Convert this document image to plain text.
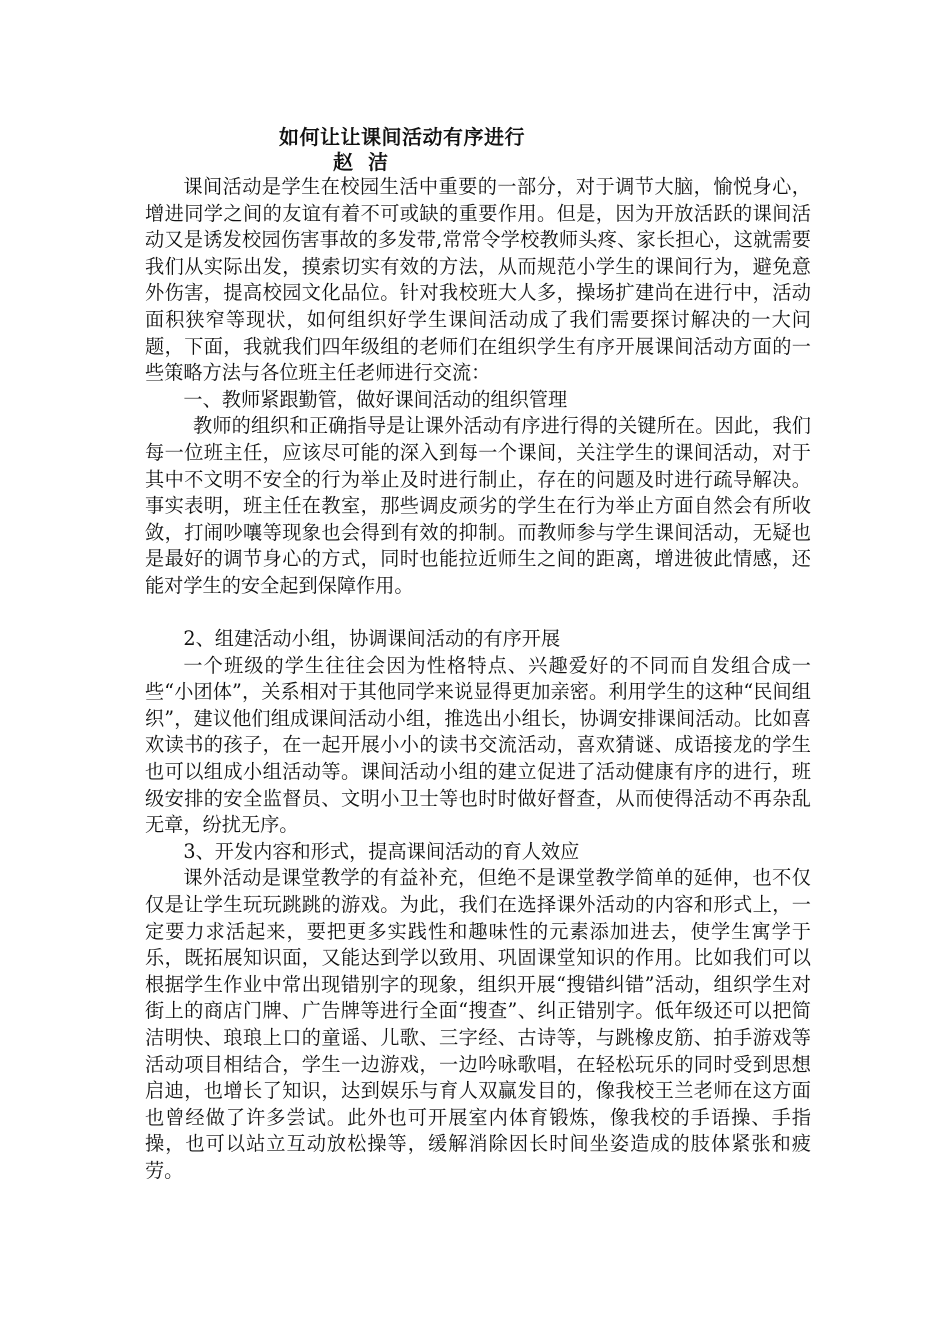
如何让让课间活动有序进行
赵 洁

课间活动是学生在校园生活中重要的一部分，对于调节大脑，愉悦身心，增进同学之间的友谊有着不可或缺的重要作用。但是，因为开放活跃的课间活动又是诱发校园伤害事故的多发带,常常令学校教师头疼、家长担心，这就需要我们从实际出发，摸索切实有效的方法，从而规范小学生的课间行为，避免意外伤害，提高校园文化品位。针对我校班大人多，操场扩建尚在进行中，活动面积狭窄等现状，如何组织好学生课间活动成了我们需要探讨解决的一大问题，下面，我就我们四年级组的老师们在组织学生有序开展课间活动方面的一些策略方法与各位班主任老师进行交流：

一、教师紧跟勤管，做好课间活动的组织管理

教师的组织和正确指导是让课外活动有序进行得的关键所在。因此，我们每一位班主任，应该尽可能的深入到每一个课间，关注学生的课间活动，对于其中不文明不安全的行为举止及时进行制止，存在的问题及时进行疏导解决。事实表明，班主任在教室，那些调皮顽劣的学生在行为举止方面自然会有所收敛，打闹吵嚷等现象也会得到有效的抑制。而教师参与学生课间活动，无疑也是最好的调节身心的方式，同时也能拉近师生之间的距离，增进彼此情感，还能对学生的安全起到保障作用。

2、组建活动小组，协调课间活动的有序开展

一个班级的学生往往会因为性格特点、兴趣爱好的不同而自发组合成一些“小团体”，关系相对于其他同学来说显得更加亲密。利用学生的这种“民间组织”，建议他们组成课间活动小组，推选出小组长，协调安排课间活动。比如喜欢读书的孩子，在一起开展小小的读书交流活动，喜欢猜谜、成语接龙的学生也可以组成小组活动等。课间活动小组的建立促进了活动健康有序的进行，班级安排的安全监督员、文明小卫士等也时时做好督查，从而使得活动不再杂乱无章，纷扰无序。

3、开发内容和形式，提高课间活动的育人效应

课外活动是课堂教学的有益补充，但绝不是课堂教学简单的延伸，也不仅仅是让学生玩玩跳跳的游戏。为此，我们在选择课外活动的内容和形式上，一定要力求活起来，要把更多实践性和趣味性的元素添加进去，使学生寓学于乐，既拓展知识面，又能达到学以致用、巩固课堂知识的作用。比如我们可以根据学生作业中常出现错别字的现象，组织开展“搜错纠错”活动，组织学生对街上的商店门牌、广告牌等进行全面“搜查”、纠正错别字。低年级还可以把简洁明快、琅琅上口的童谣、儿歌、三字经、古诗等，与跳橡皮筋、拍手游戏等活动项目相结合，学生一边游戏，一边吟咏歌唱，在轻松玩乐的同时受到思想启迪，也增长了知识，达到娱乐与育人双赢发目的，像我校王兰老师在这方面也曾经做了许多尝试。此外也可开展室内体育锻炼，像我校的手语操、手指操，也可以站立互动放松操等，缓解消除因长时间坐姿造成的肢体紧张和疲劳。
